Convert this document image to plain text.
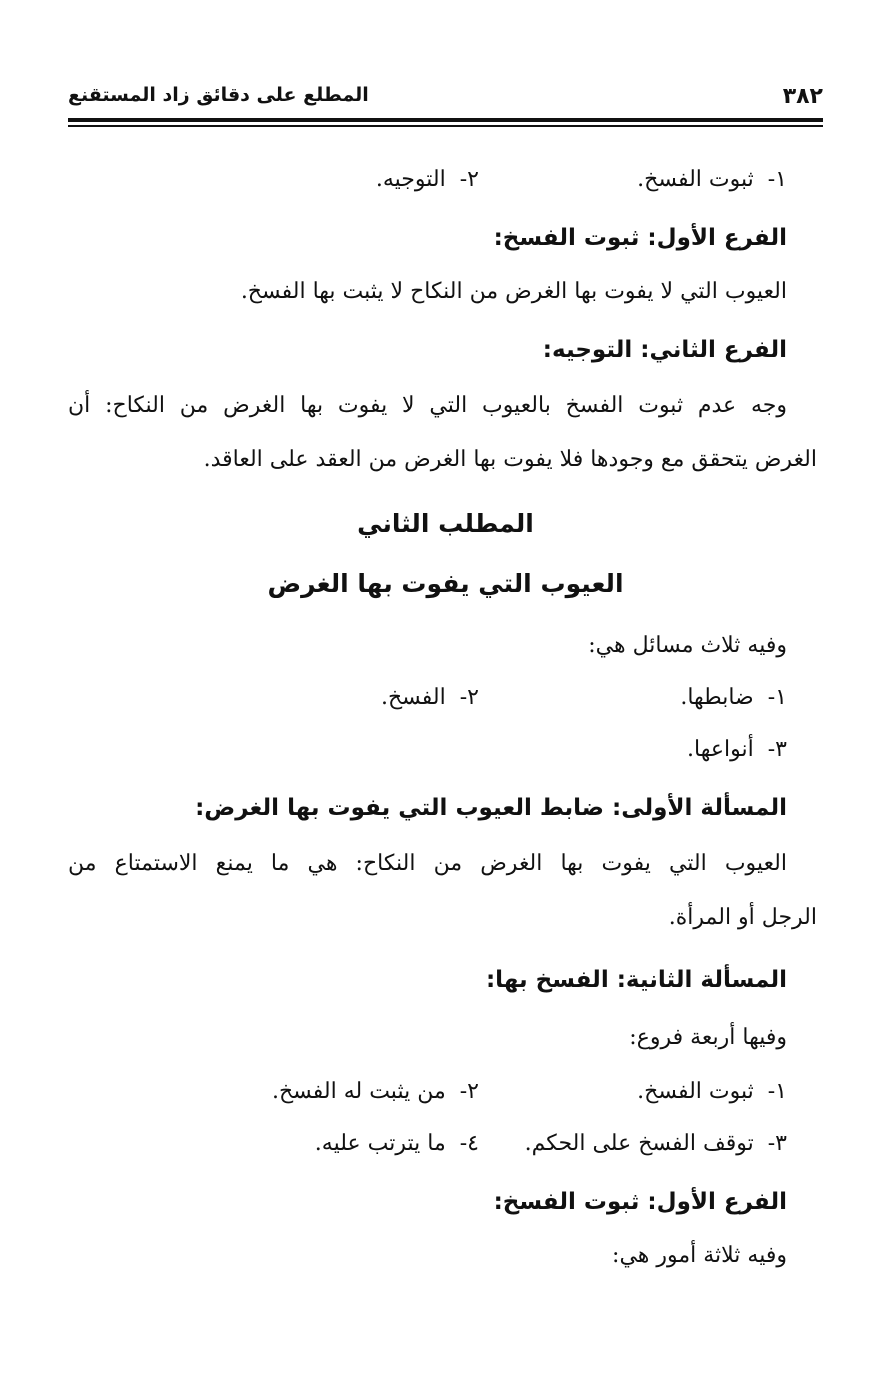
٣٨٢
المطلع على دقائق زاد المستقنع
١-ثبوت الفسخ.
٢-التوجيه.
الفرع الأول: ثبوت الفسخ:
العيوب التي لا يفوت بها الغرض من النكاح لا يثبت بها الفسخ.
الفرع الثاني: التوجيه:
وجه عدم ثبوت الفسخ بالعيوب التي لا يفوت بها الغرض من النكاح: أن
الغرض يتحقق مع وجودها فلا يفوت بها الغرض من العقد على العاقد.
المطلب الثاني
العيوب التي يفوت بها الغرض
وفيه ثلاث مسائل هي:
١-ضابطها.
٢-الفسخ.
٣-أنواعها.
المسألة الأولى: ضابط العيوب التي يفوت بها الغرض:
العيوب التي يفوت بها الغرض من النكاح: هي ما يمنع الاستمتاع من
الرجل أو المرأة.
المسألة الثانية: الفسخ بها:
وفيها أربعة فروع:
١-ثبوت الفسخ.
٢-من يثبت له الفسخ.
٣-توقف الفسخ على الحكم.
٤-ما يترتب عليه.
الفرع الأول: ثبوت الفسخ:
وفيه ثلاثة أمور هي:
